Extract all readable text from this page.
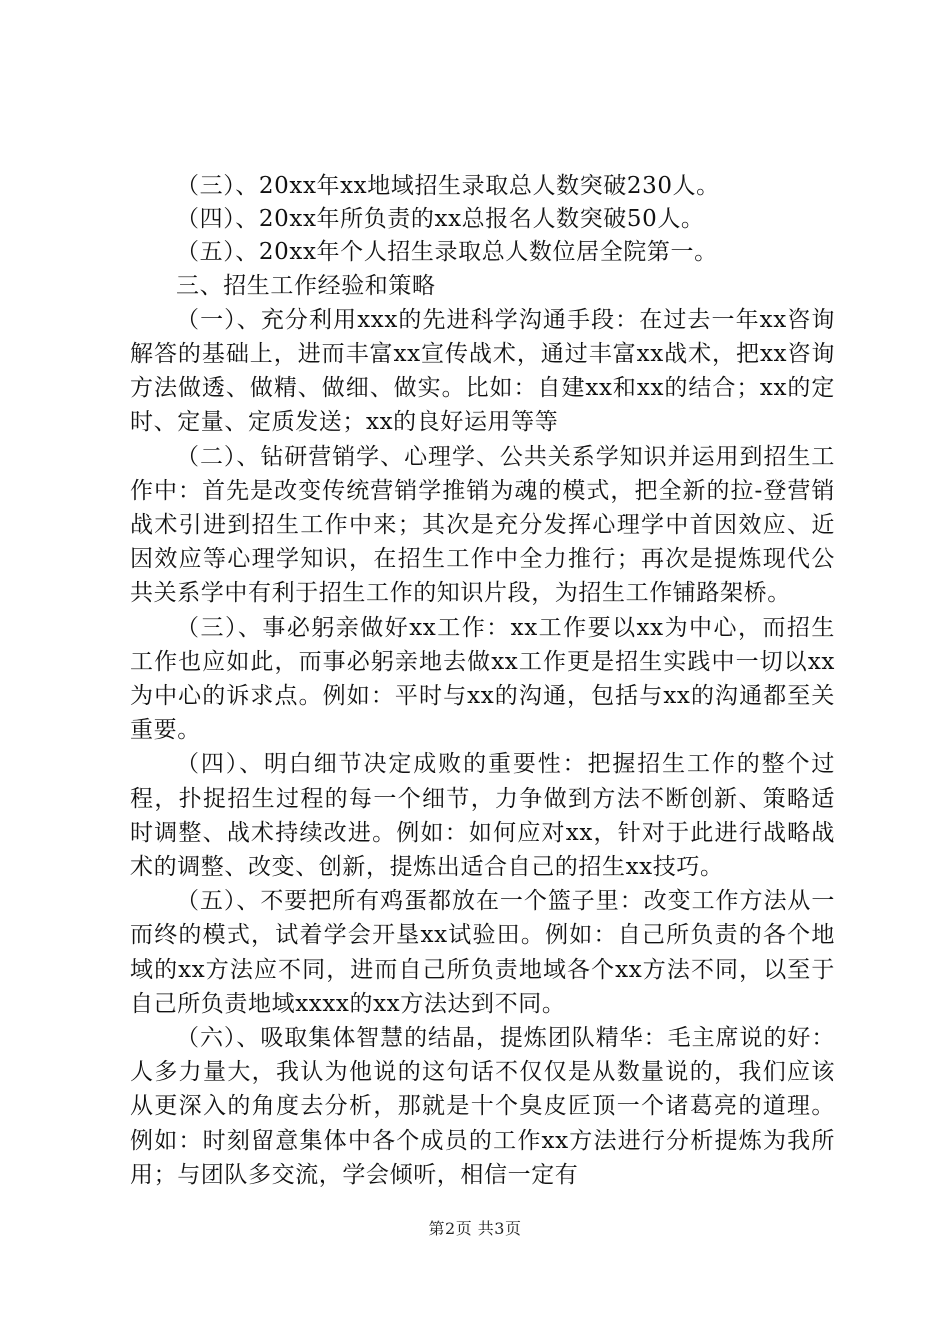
（三）、20xx年xx地域招生录取总人数突破230人。
（四）、20xx年所负责的xx总报名人数突破50人。
（五）、20xx年个人招生录取总人数位居全院第一。
三、招生工作经验和策略

（一）、充分利用xxx的先进科学沟通手段：在过去一年xx咨询解答的基础上，进而丰富xx宣传战术，通过丰富xx战术，把xx咨询方法做透、做精、做细、做实。比如：自建xx和xx的结合；xx的定时、定量、定质发送；xx的良好运用等等

（二）、钻研营销学、心理学、公共关系学知识并运用到招生工作中：首先是改变传统营销学推销为魂的模式，把全新的拉-登营销战术引进到招生工作中来；其次是充分发挥心理学中首因效应、近因效应等心理学知识，在招生工作中全力推行；再次是提炼现代公共关系学中有利于招生工作的知识片段，为招生工作铺路架桥。

（三）、事必躬亲做好xx工作：xx工作要以xx为中心，而招生工作也应如此，而事必躬亲地去做xx工作更是招生实践中一切以xx为中心的诉求点。例如：平时与xx的沟通，包括与xx的沟通都至关重要。

（四）、明白细节决定成败的重要性：把握招生工作的整个过程，扑捉招生过程的每一个细节，力争做到方法不断创新、策略适时调整、战术持续改进。例如：如何应对xx，针对于此进行战略战术的调整、改变、创新，提炼出适合自己的招生xx技巧。

（五）、不要把所有鸡蛋都放在一个篮子里：改变工作方法从一而终的模式，试着学会开垦xx试验田。例如：自己所负责的各个地域的xx方法应不同，进而自己所负责地域各个xx方法不同，以至于自己所负责地域xxxx的xx方法达到不同。

（六）、吸取集体智慧的结晶，提炼团队精华：毛主席说的好：人多力量大，我认为他说的这句话不仅仅是从数量说的，我们应该从更深入的角度去分析，那就是十个臭皮匠顶一个诸葛亮的道理。例如：时刻留意集体中各个成员的工作xx方法进行分析提炼为我所用；与团队多交流，学会倾听，相信一定有

第2页 共3页
